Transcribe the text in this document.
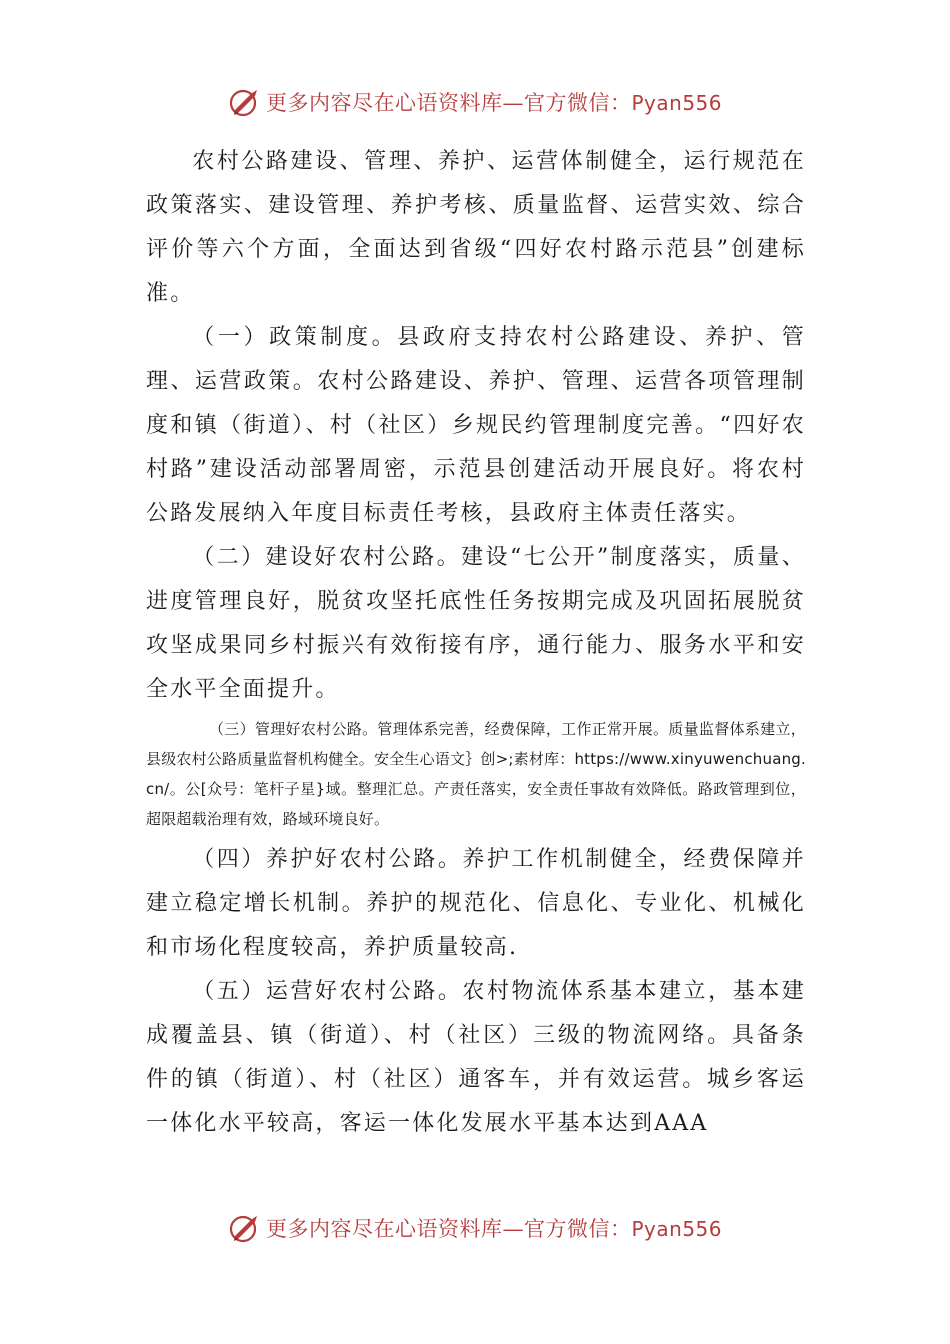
更多内容尽在心语资料库—官方微信：Pyan556

农村公路建设、管理、养护、运营体制健全，运行规范在政策落实、建设管理、养护考核、质量监督、运营实效、综合评价等六个方面，全面达到省级“四好农村路示范县”创建标准。

（一）政策制度。县政府支持农村公路建设、养护、管理、运营政策。农村公路建设、养护、管理、运营各项管理制度和镇（街道）、村（社区）乡规民约管理制度完善。“四好农村路”建设活动部署周密，示范县创建活动开展良好。将农村公路发展纳入年度目标责任考核，县政府主体责任落实。

（二）建设好农村公路。建设“七公开”制度落实，质量、进度管理良好，脱贫攻坚托底性任务按期完成及巩固拓展脱贫攻坚成果同乡村振兴有效衔接有序，通行能力、服务水平和安全水平全面提升。

（三）管理好农村公路。管理体系完善，经费保障，工作正常开展。质量监督体系建立，县级农村公路质量监督机构健全。安全生心语文｝创>;素材库：https://www.xinyuwenchuang.cn/。公[众号：笔杆子星}域。整理汇总。产责任落实，安全责任事故有效降低。路政管理到位，超限超载治理有效，路域环境良好。

（四）养护好农村公路。养护工作机制健全，经费保障并建立稳定增长机制。养护的规范化、信息化、专业化、机械化和市场化程度较高，养护质量较高.

（五）运营好农村公路。农村物流体系基本建立，基本建成覆盖县、镇（街道）、村（社区）三级的物流网络。具备条件的镇（街道）、村（社区）通客车，并有效运营。城乡客运一体化水平较高，客运一体化发展水平基本达到AAA

更多内容尽在心语资料库—官方微信：Pyan556
